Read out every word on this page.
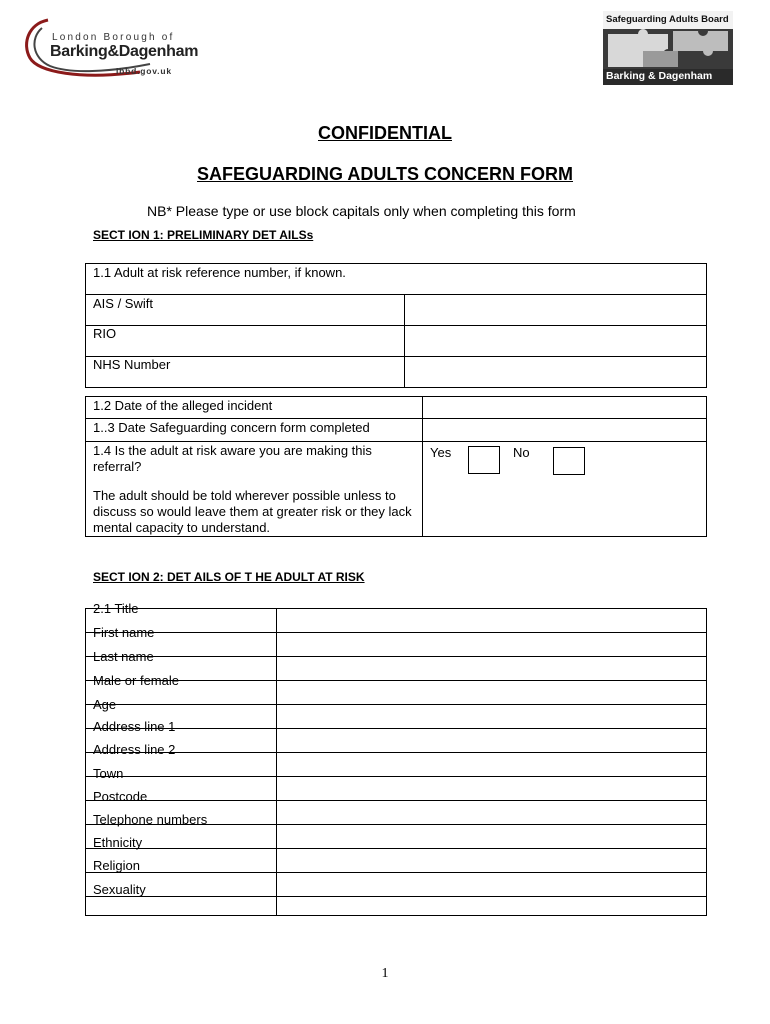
London Borough of
Barking&Dagenham
lbbd.gov.uk
Safeguarding Adults Board
Barking & Dagenham
CONFIDENTIAL
SAFEGUARDING ADULTS CONCERN FORM
NB* Please type or use block capitals only when completing this form
SECT ION 1: PRELIMINARY DET AILSs
1.1 Adult at risk reference number, if known.
AIS / Swift
RIO
NHS Number
1.2 Date of the alleged incident
1..3 Date Safeguarding concern form completed
1.4 Is the adult at risk aware you are making this referral?
The adult should be told wherever possible unless to discuss so would leave them at greater risk or they lack mental capacity to understand.
Yes	No
SECT ION 2: DET AILS OF T HE ADULT AT RISK
2.1 Title
First name
Last name
Male or female
Age
Address line 1
Address line 2
Town
Postcode
Telephone numbers
Ethnicity
Religion
Sexuality
1
